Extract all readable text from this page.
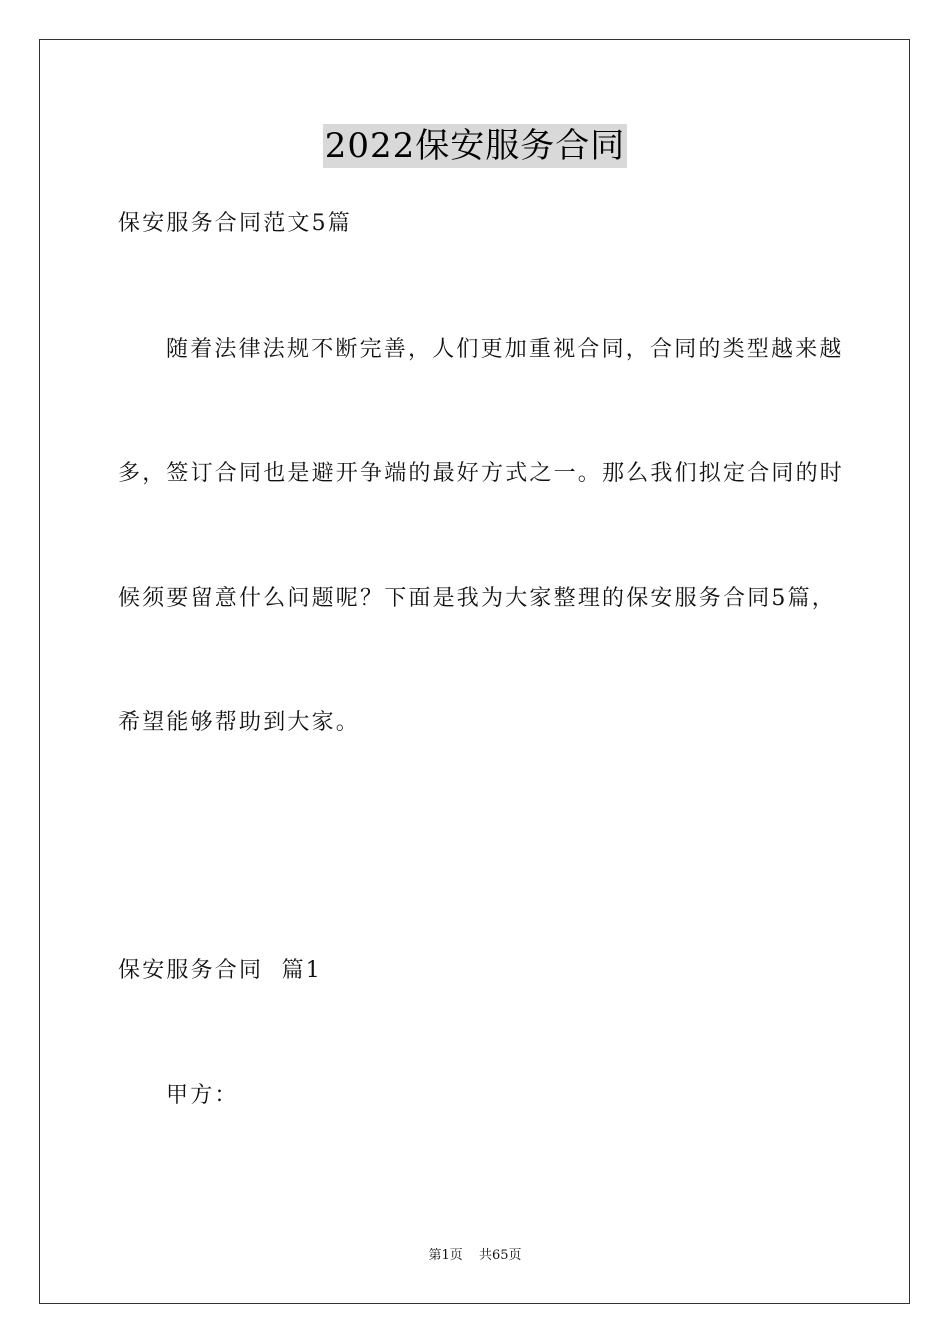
2022保安服务合同
保安服务合同范文5篇
随着法律法规不断完善，人们更加重视合同，合同的类型越来越
多，签订合同也是避开争端的最好方式之一。那么我们拟定合同的时
候须要留意什么问题呢？下面是我为大家整理的保安服务合同5篇，
希望能够帮助到大家。
保安服务合同  篇1
甲方：
第1页 共65页
